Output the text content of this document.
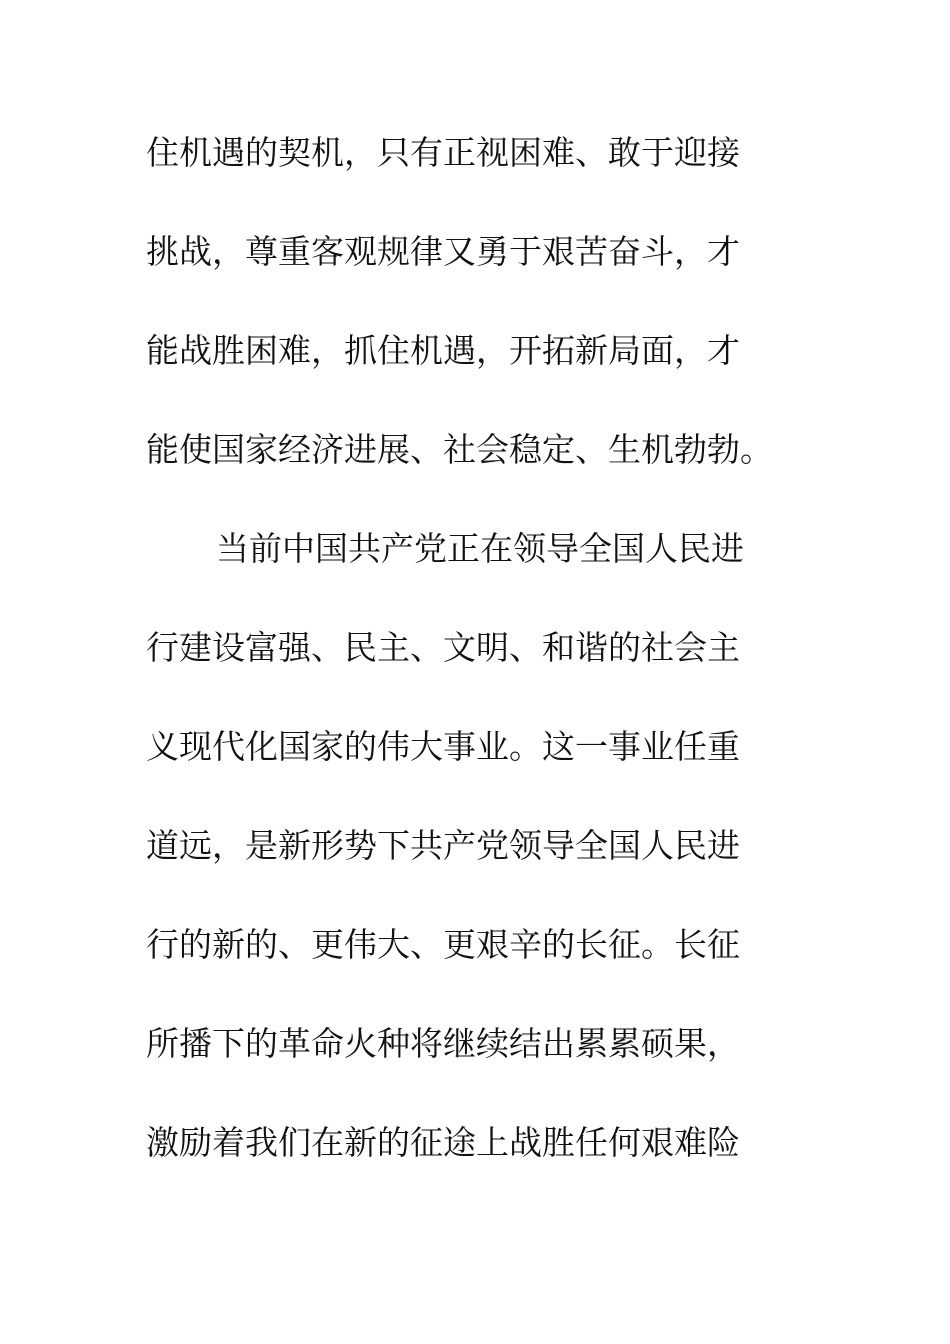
住机遇的契机，只有正视困难、敢于迎接
挑战，尊重客观规律又勇于艰苦奋斗，才
能战胜困难，抓住机遇，开拓新局面，才
能使国家经济进展、社会稳定、生机勃勃。
当前中国共产党正在领导全国人民进
行建设富强、民主、文明、和谐的社会主
义现代化国家的伟大事业。这一事业任重
道远，是新形势下共产党领导全国人民进
行的新的、更伟大、更艰辛的长征。长征
所播下的革命火种将继续结出累累硕果，
激励着我们在新的征途上战胜任何艰难险
